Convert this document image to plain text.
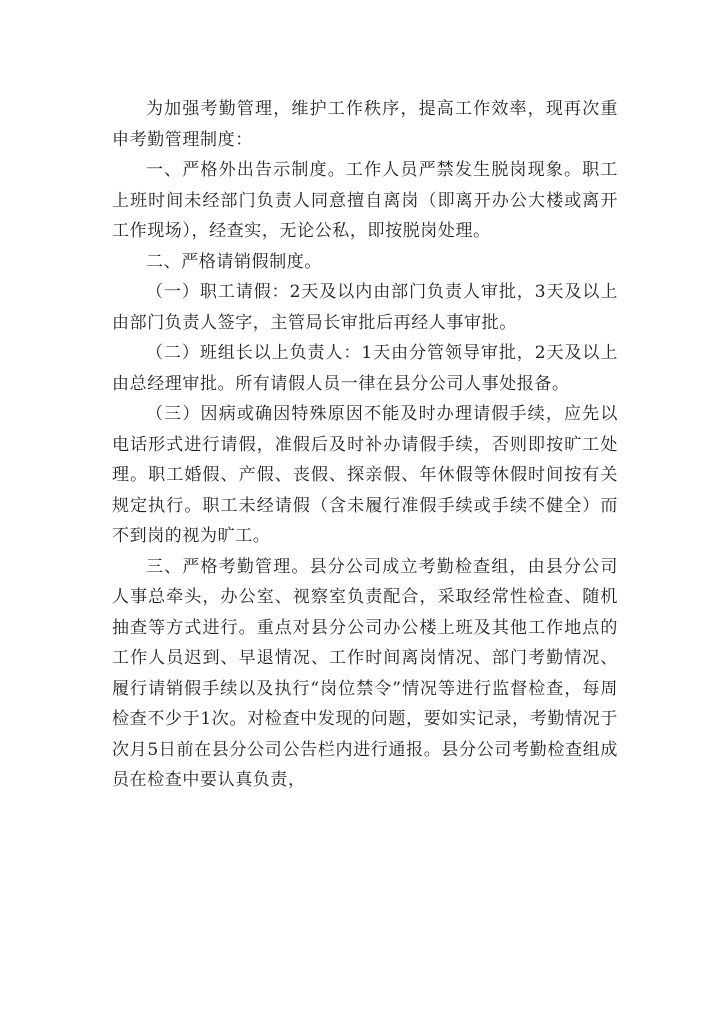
为加强考勤管理，维护工作秩序，提高工作效率，现再次重申考勤管理制度：

一、严格外出告示制度。工作人员严禁发生脱岗现象。职工上班时间未经部门负责人同意擅自离岗（即离开办公大楼或离开工作现场），经查实，无论公私，即按脱岗处理。

二、严格请销假制度。

（一）职工请假：2天及以内由部门负责人审批，3天及以上由部门负责人签字，主管局长审批后再经人事审批。

（二）班组长以上负责人：1天由分管领导审批，2天及以上由总经理审批。所有请假人员一律在县分公司人事处报备。

（三）因病或确因特殊原因不能及时办理请假手续，应先以电话形式进行请假，准假后及时补办请假手续，否则即按旷工处理。职工婚假、产假、丧假、探亲假、年休假等休假时间按有关规定执行。职工未经请假（含未履行准假手续或手续不健全）而不到岗的视为旷工。

三、严格考勤管理。县分公司成立考勤检查组，由县分公司人事总牵头，办公室、视察室负责配合，采取经常性检查、随机抽查等方式进行。重点对县分公司办公楼上班及其他工作地点的工作人员迟到、早退情况、工作时间离岗情况、部门考勤情况、履行请销假手续以及执行“岗位禁令”情况等进行监督检查，每周检查不少于1次。对检查中发现的问题，要如实记录，考勤情况于次月5日前在县分公司公告栏内进行通报。县分公司考勤检查组成员在检查中要认真负责，
